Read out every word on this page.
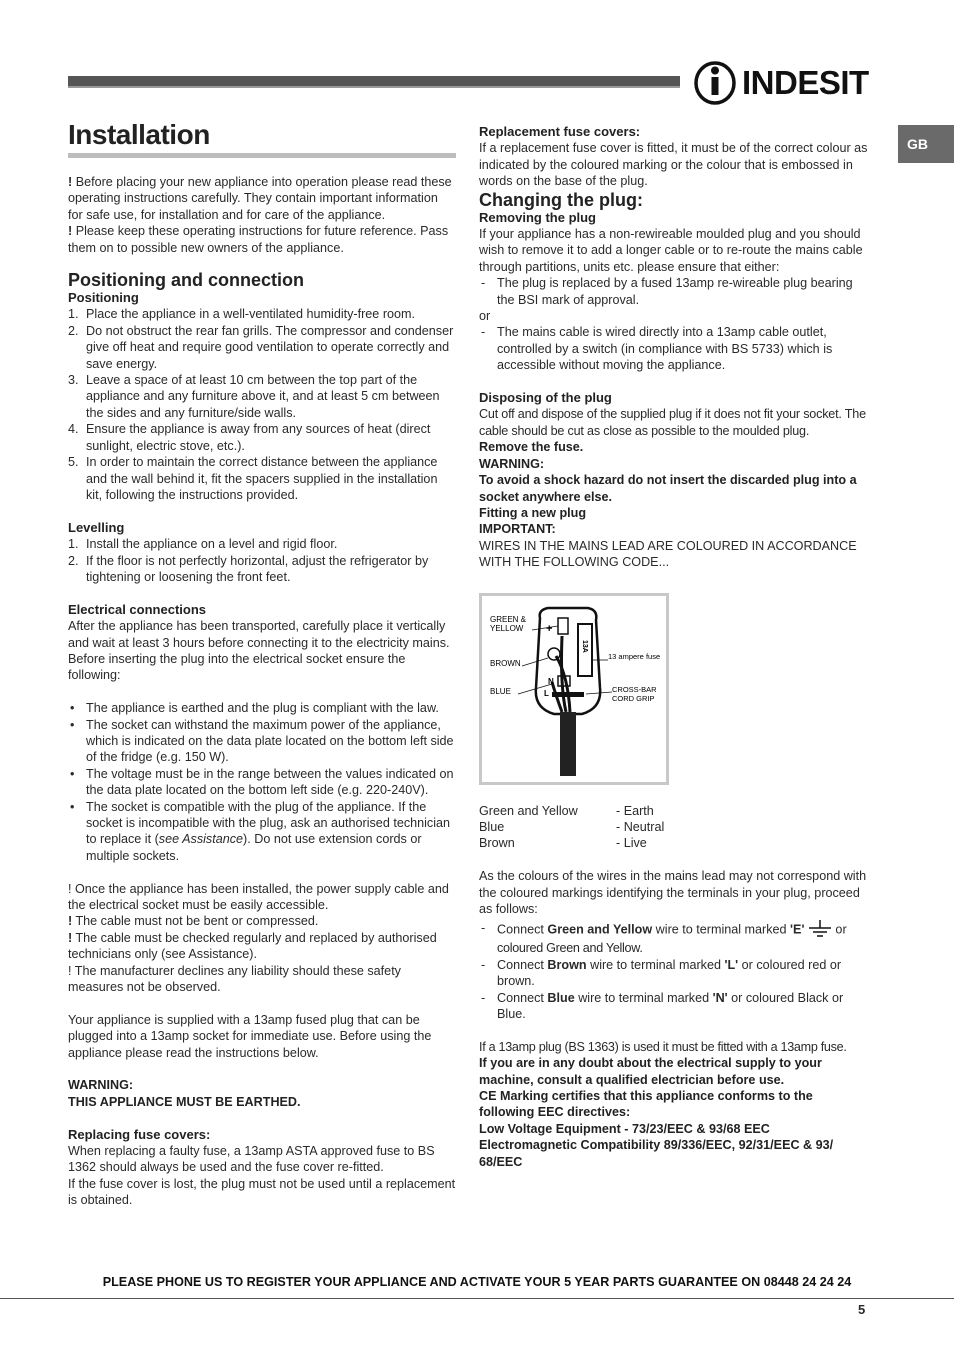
INDESIT
GB
Installation

! Before placing your new appliance into operation please read these operating instructions carefully. They contain important information for safe use, for installation and for care of the appliance.
! Please keep these operating instructions for future reference. Pass them on to possible new owners of the appliance.

Positioning and connection
Positioning
1. Place the appliance in a well-ventilated humidity-free room.
2. Do not obstruct the rear fan grills. The compressor and condenser give off heat and require good ventilation to operate correctly and save energy.
3. Leave a space of at least 10 cm between the top part of the appliance and any furniture above it, and at least 5 cm between the sides and any furniture/side walls.
4. Ensure the appliance is away from any sources of heat (direct sunlight, electric stove, etc.).
5. In order to maintain the correct distance between the appliance and the wall behind it, fit the spacers supplied in the installation kit, following the instructions provided.
Levelling
1. Install the appliance on a level and rigid floor.
2. If the floor is not perfectly horizontal, adjust the refrigerator by tightening or loosening the front feet.
Electrical connections

After the appliance has been transported, carefully place it vertically and wait at least 3 hours before connecting it to the electricity mains. Before inserting the plug into the electrical socket ensure the following:

• The appliance is earthed and the plug is compliant with the law.
• The socket can withstand the maximum power of the appliance, which is indicated on the data plate located on the bottom left side of the fridge (e.g. 150 W).
• The voltage must be in the range between the values indicated on the data plate located on the bottom left side (e.g. 220-240V).
• The socket is compatible with the plug of the appliance. If the socket is incompatible with the plug, ask an authorised technician to replace it (see Assistance). Do not use extension cords or multiple sockets.

! Once the appliance has been installed, the power supply cable and the electrical socket must be easily accessible.
! The cable must not be bent or compressed.
! The cable must be checked regularly and replaced by authorised technicians only (see Assistance).
! The manufacturer declines any liability should these safety measures not be observed.

Your appliance is supplied with a 13amp fused plug that can be plugged into a 13amp socket for immediate use. Before using the appliance please read the instructions below.

WARNING:

THIS APPLIANCE MUST BE EARTHED.

Replacing fuse covers:

When replacing a faulty fuse, a 13amp ASTA approved fuse to BS 1362 should always be used and the fuse cover re-fitted.

If the fuse cover is lost, the plug must not be used until a replacement is obtained.

Replacement fuse covers:

If a replacement fuse cover is fitted, it must be of the correct colour as indicated by the coloured marking or the colour that is embossed in words on the base of the plug.

Changing the plug:
Removing the plug

If your appliance has a non-rewireable moulded plug and you should wish to remove it to add a longer cable or to re-route the mains cable through partitions, units etc. please ensure that either:

- The plug is replaced by a fused 13amp re-wireable plug bearing the BSI mark of approval.

or

- The mains cable is wired directly into a 13amp cable outlet, controlled by a switch (in compliance with BS 5733) which is accessible without moving the appliance.
Disposing of the plug

Cut off and dispose of the supplied plug if it does not fit your socket. The cable should be cut as close as possible to the moulded plug.

Remove the fuse.

WARNING:

To avoid a shock hazard do not insert the discarded plug into a socket anywhere else.

Fitting a new plug

IMPORTANT:

WIRES IN THE MAINS LEAD ARE COLOURED IN ACCORDANCE WITH THE FOLLOWING CODE...

GREEN &
YELLOW
BROWN
BLUE
13 ampere fuse
CROSS-BAR
CORD GRIP
13A
+
L
N
Green and Yellow	- Earth
Blue	- Neutral
Brown	- Live

As the colours of the wires in the mains lead may not correspond with the coloured markings identifying the terminals in your plug, proceed as follows:

- Connect Green and Yellow wire to terminal marked 'E'  or
coloured Green and Yellow.
- Connect Brown wire to terminal marked 'L' or coloured red or brown.
- Connect Blue wire to terminal marked 'N' or coloured Black or Blue.

If a 13amp plug (BS 1363) is used it must be fitted with a 13amp fuse.

If you are in any doubt about the electrical supply to your machine, consult a qualified electrician before use.

CE Marking certifies that this appliance conforms to the following EEC directives:

Low Voltage Equipment - 73/23/EEC & 93/68 EEC

Electromagnetic Compatibility 89/336/EEC, 92/31/EEC & 93/ 68/EEC

PLEASE PHONE US TO REGISTER YOUR APPLIANCE AND ACTIVATE YOUR 5 YEAR PARTS GUARANTEE ON 08448 24 24 24
5
